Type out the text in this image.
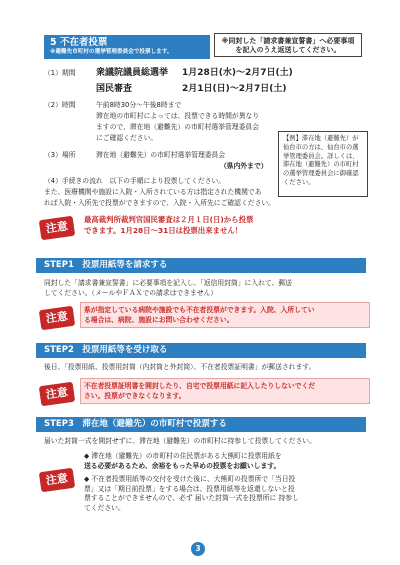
5 不在者投票
※避難先市町村の選挙管理委員会で投票します。
※同封した「請求書兼宣誓書」へ必要事項を記入のうえ返送してください。
（1）期間 衆議院議員総選挙 1月28日(水)～2月7日(土)
国民審査	2月1日(日)～2月7日(土)
（2）時間	午前8時30分～午後8時まで
滞在地の市町村によっては、投票できる時間が異なり
ますので、滞在地（避難先）の市町村選挙管理委員会
にご確認ください。
（3）場所	滞在地（避難先）の市町村選挙管理委員会
（県内外まで）
【例】滞在地（避難先）が仙台市の方は、仙台市の選挙管理委員会。詳しくは、滞在地（避難先）の市町村の選挙管理委員会に御確認ください。
（4）手続きの流れ　以下の手順により投票してください。
また、医療機関や施設に入院・入所されている方は指定された機関であ
れば入院・入所先で投票ができますので、入院・入所先にご確認ください。
注意
最高裁判所裁判官国民審査は２月１日(日)から投票
できます。1月28日～31日は投票出来ません！
STEP1　投票用紙等を請求する
同封した「請求書兼宣誓書」に必要事項を記入し、「返信用封筒」に入れて、郵送
してください。（メールやＦＡＸでの請求はできません）
注意	県が指定している病院や施設でも不在者投票ができます。入院、入所してい
る場合は、病院、施設にお問い合わせください。
STEP2　投票用紙等を受け取る
後日、「投票用紙、投票用封筒（内封筒と外封筒）、不在者投票証明書」が郵送されます。
注意	不在者投票証明書を開封したり、自宅で投票用紙に記入したりしないでくだ
さい。投票ができなくなります。
STEP3　滞在地（避難先）の市町村で投票する
届いた封筒一式を開封せずに、滞在地（避難先）の市町村に持参して投票してください。
注意
◆ 滞在地（避難先）の市町村の住民票がある大熊町に投票用紙を
送る必要があるため、余裕をもった早めの投票をお願いします。
◆ 不在者投票用紙等の交付を受けた後に、大熊町の投票所で「当日投
票」又は「期日前投票」をする場合は、投票用紙等を返還しないと投
票することができませんので、必ず 届いた封筒一式を投票所に 持参し
てください。
3
